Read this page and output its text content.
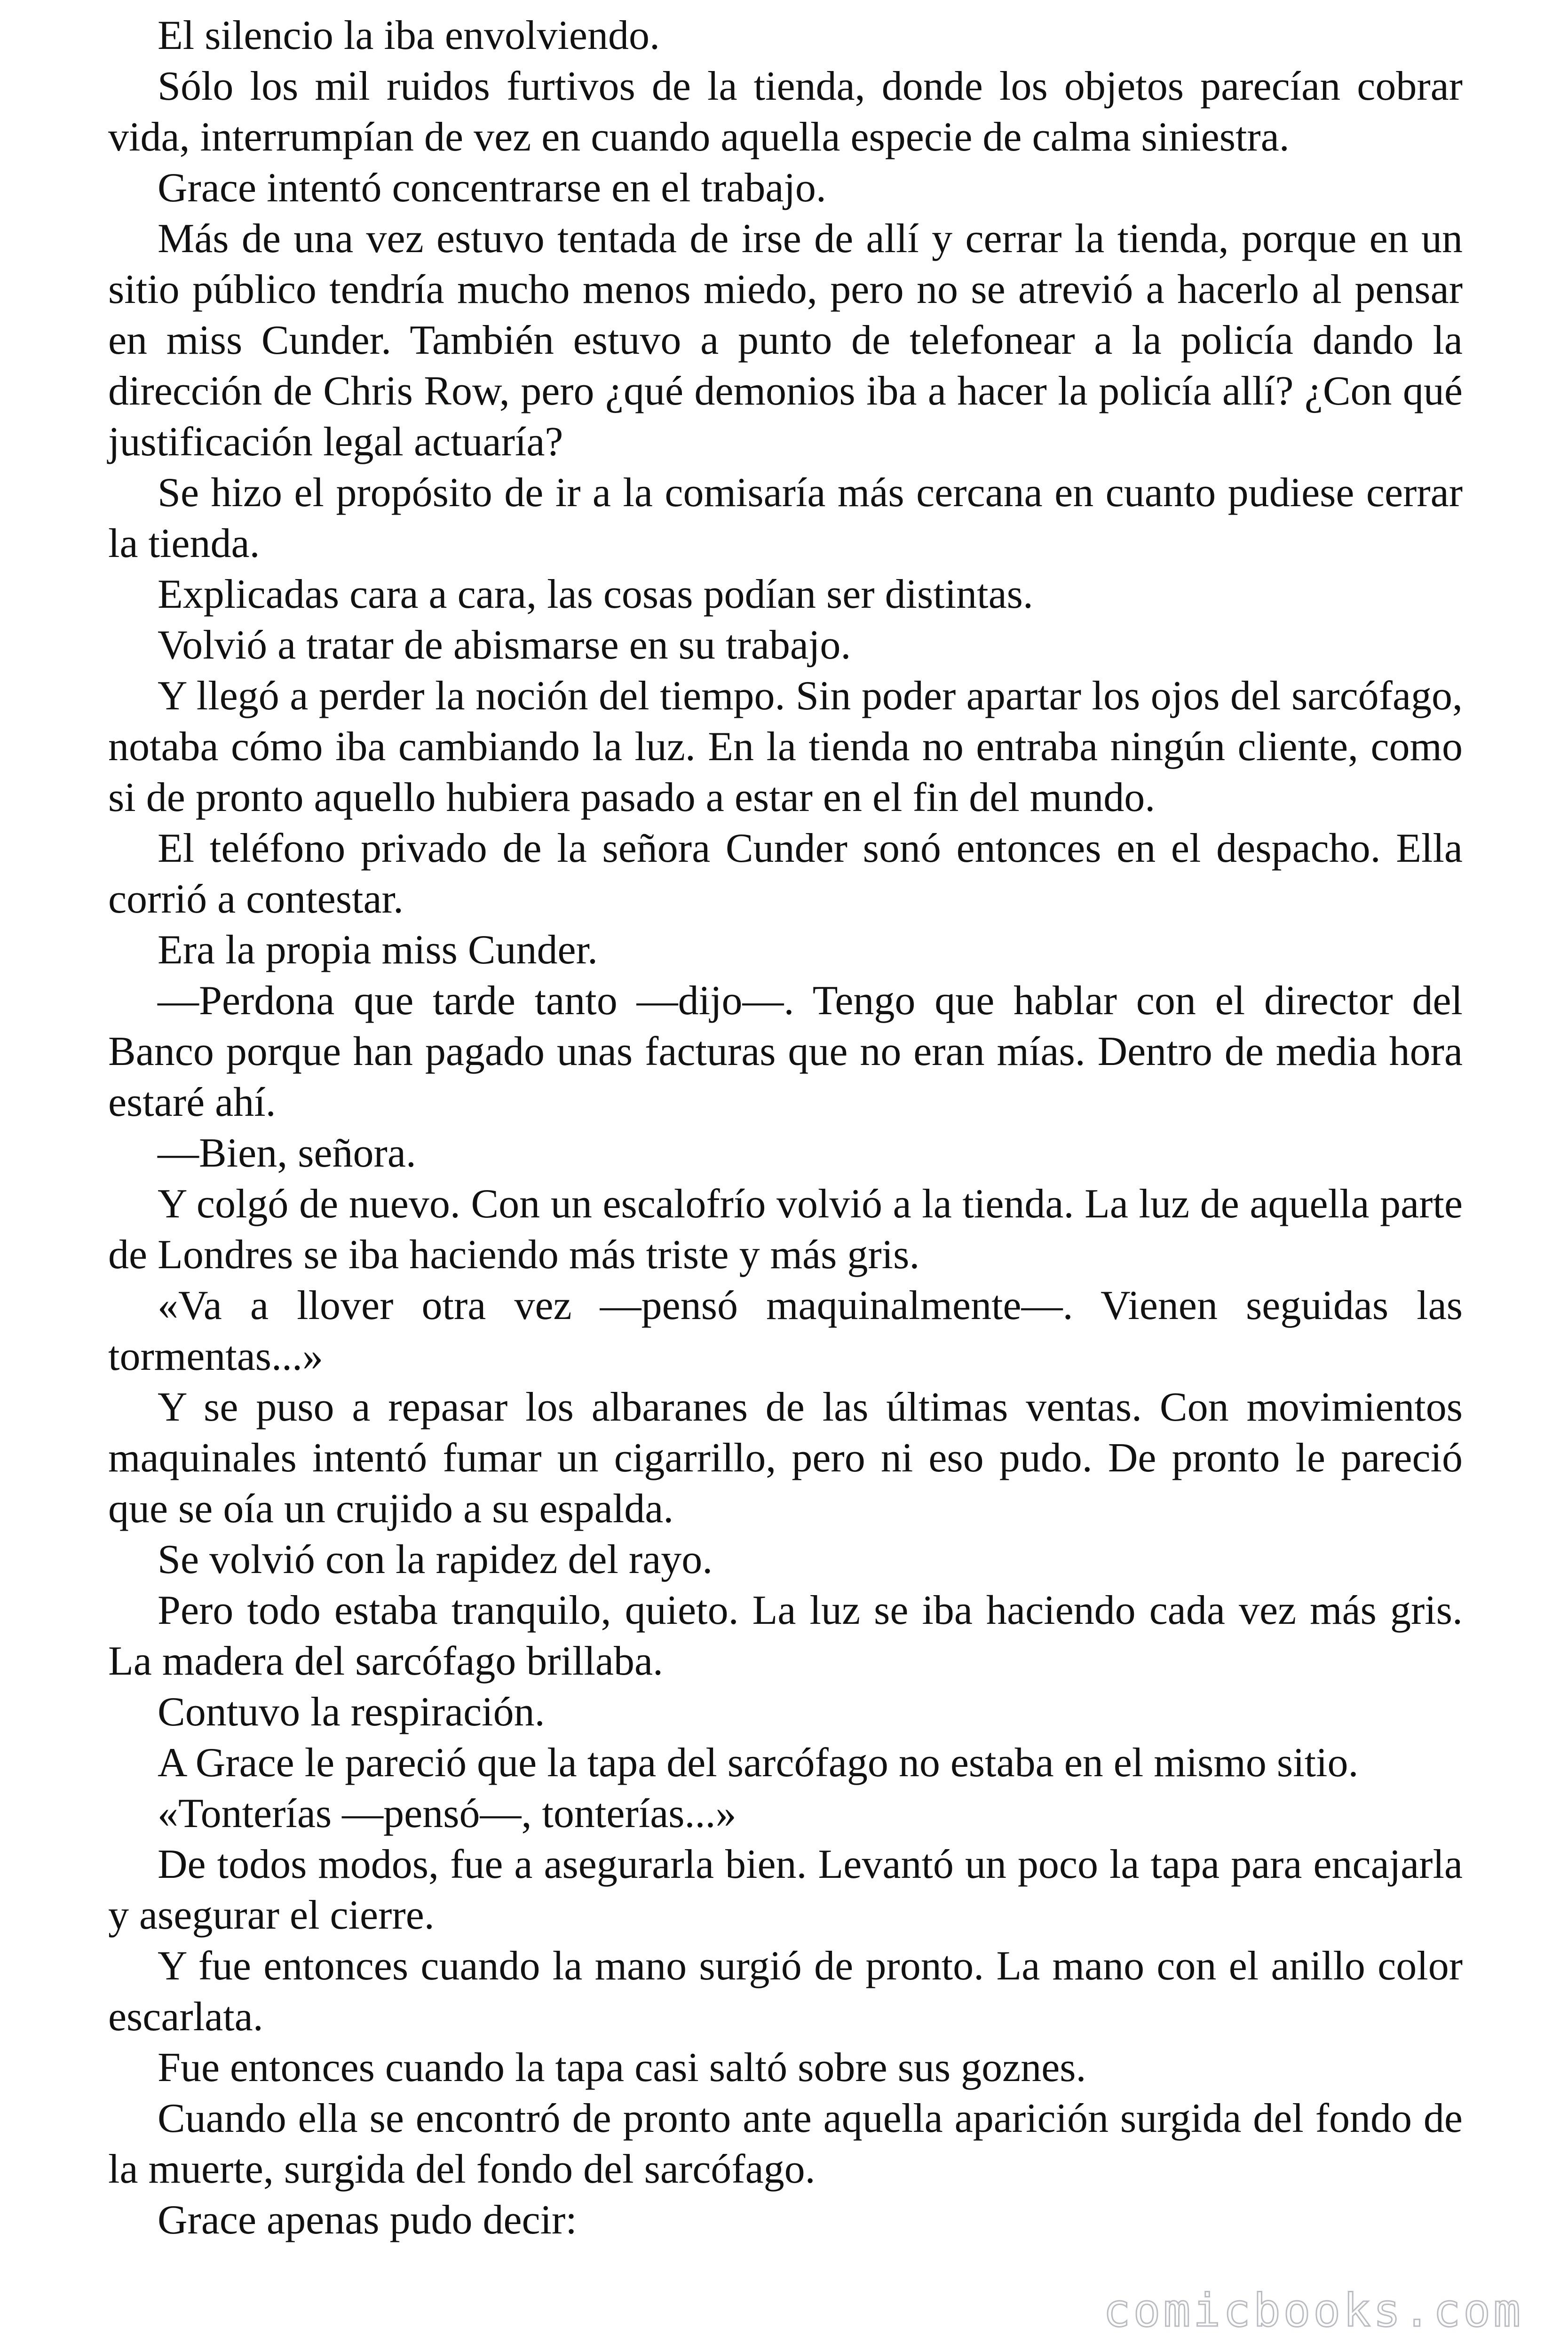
El silencio la iba envolviendo.

Sólo los mil ruidos furtivos de la tienda, donde los objetos parecían cobrar vida, interrumpían de vez en cuando aquella especie de calma siniestra.

Grace intentó concentrarse en el trabajo.

Más de una vez estuvo tentada de irse de allí y cerrar la tienda, porque en un sitio público tendría mucho menos miedo, pero no se atrevió a hacerlo al pensar en miss Cunder. También estuvo a punto de telefonear a la policía dando la dirección de Chris Row, pero ¿qué demonios iba a hacer la policía allí? ¿Con qué justificación legal actuaría?

Se hizo el propósito de ir a la comisaría más cercana en cuanto pudiese cerrar la tienda.

Explicadas cara a cara, las cosas podían ser distintas.

Volvió a tratar de abismarse en su trabajo.

Y llegó a perder la noción del tiempo. Sin poder apartar los ojos del sarcófago, notaba cómo iba cambiando la luz. En la tienda no entraba ningún cliente, como si de pronto aquello hubiera pasado a estar en el fin del mundo.

El teléfono privado de la señora Cunder sonó entonces en el despacho. Ella corrió a contestar.

Era la propia miss Cunder.

—Perdona que tarde tanto —dijo—. Tengo que hablar con el director del Banco porque han pagado unas facturas que no eran mías. Dentro de media hora estaré ahí.

—Bien, señora.

Y colgó de nuevo. Con un escalofrío volvió a la tienda. La luz de aquella parte de Londres se iba haciendo más triste y más gris.

«Va a llover otra vez —pensó maquinalmente—. Vienen seguidas las tormentas...»

Y se puso a repasar los albaranes de las últimas ventas. Con movimientos maquinales intentó fumar un cigarrillo, pero ni eso pudo. De pronto le pareció que se oía un crujido a su espalda.

Se volvió con la rapidez del rayo.

Pero todo estaba tranquilo, quieto. La luz se iba haciendo cada vez más gris. La madera del sarcófago brillaba.

Contuvo la respiración.

A Grace le pareció que la tapa del sarcófago no estaba en el mismo sitio.

«Tonterías —pensó—, tonterías...»

De todos modos, fue a asegurarla bien. Levantó un poco la tapa para encajarla y asegurar el cierre.

Y fue entonces cuando la mano surgió de pronto. La mano con el anillo color escarlata.

Fue entonces cuando la tapa casi saltó sobre sus goznes.

Cuando ella se encontró de pronto ante aquella aparición surgida del fondo de la muerte, surgida del fondo del sarcófago.

Grace apenas pudo decir:

comicbooks.com
